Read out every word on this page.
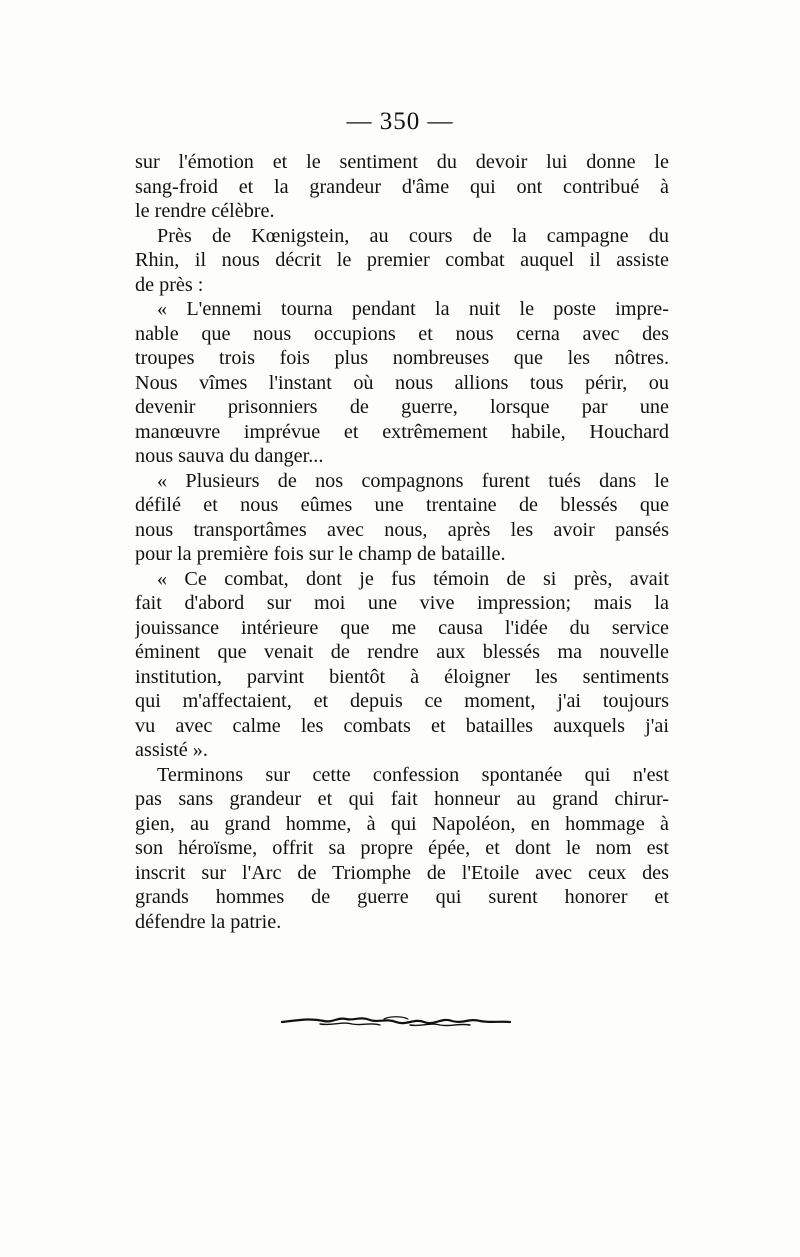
— 350 —
sur l'émotion et le sentiment du devoir lui donne le
sang-froid et la grandeur d'âme qui ont contribué à
le rendre célèbre.
Près de Kœnigstein, au cours de la campagne du
Rhin, il nous décrit le premier combat auquel il assiste
de près :
« L'ennemi tourna pendant la nuit le poste impre-
nable que nous occupions et nous cerna avec des
troupes trois fois plus nombreuses que les nôtres.
Nous vîmes l'instant où nous allions tous périr, ou
devenir prisonniers de guerre, lorsque par une
manœuvre imprévue et extrêmement habile, Houchard
nous sauva du danger...
« Plusieurs de nos compagnons furent tués dans le
défilé et nous eûmes une trentaine de blessés que
nous transportâmes avec nous, après les avoir pansés
pour la première fois sur le champ de bataille.
« Ce combat, dont je fus témoin de si près, avait
fait d'abord sur moi une vive impression; mais la
jouissance intérieure que me causa l'idée du service
éminent que venait de rendre aux blessés ma nouvelle
institution, parvint bientôt à éloigner les sentiments
qui m'affectaient, et depuis ce moment, j'ai toujours
vu avec calme les combats et batailles auxquels j'ai
assisté ».
Terminons sur cette confession spontanée qui n'est
pas sans grandeur et qui fait honneur au grand chirur-
gien, au grand homme, à qui Napoléon, en hommage à
son héroïsme, offrit sa propre épée, et dont le nom est
inscrit sur l'Arc de Triomphe de l'Etoile avec ceux des
grands hommes de guerre qui surent honorer et
défendre la patrie.
